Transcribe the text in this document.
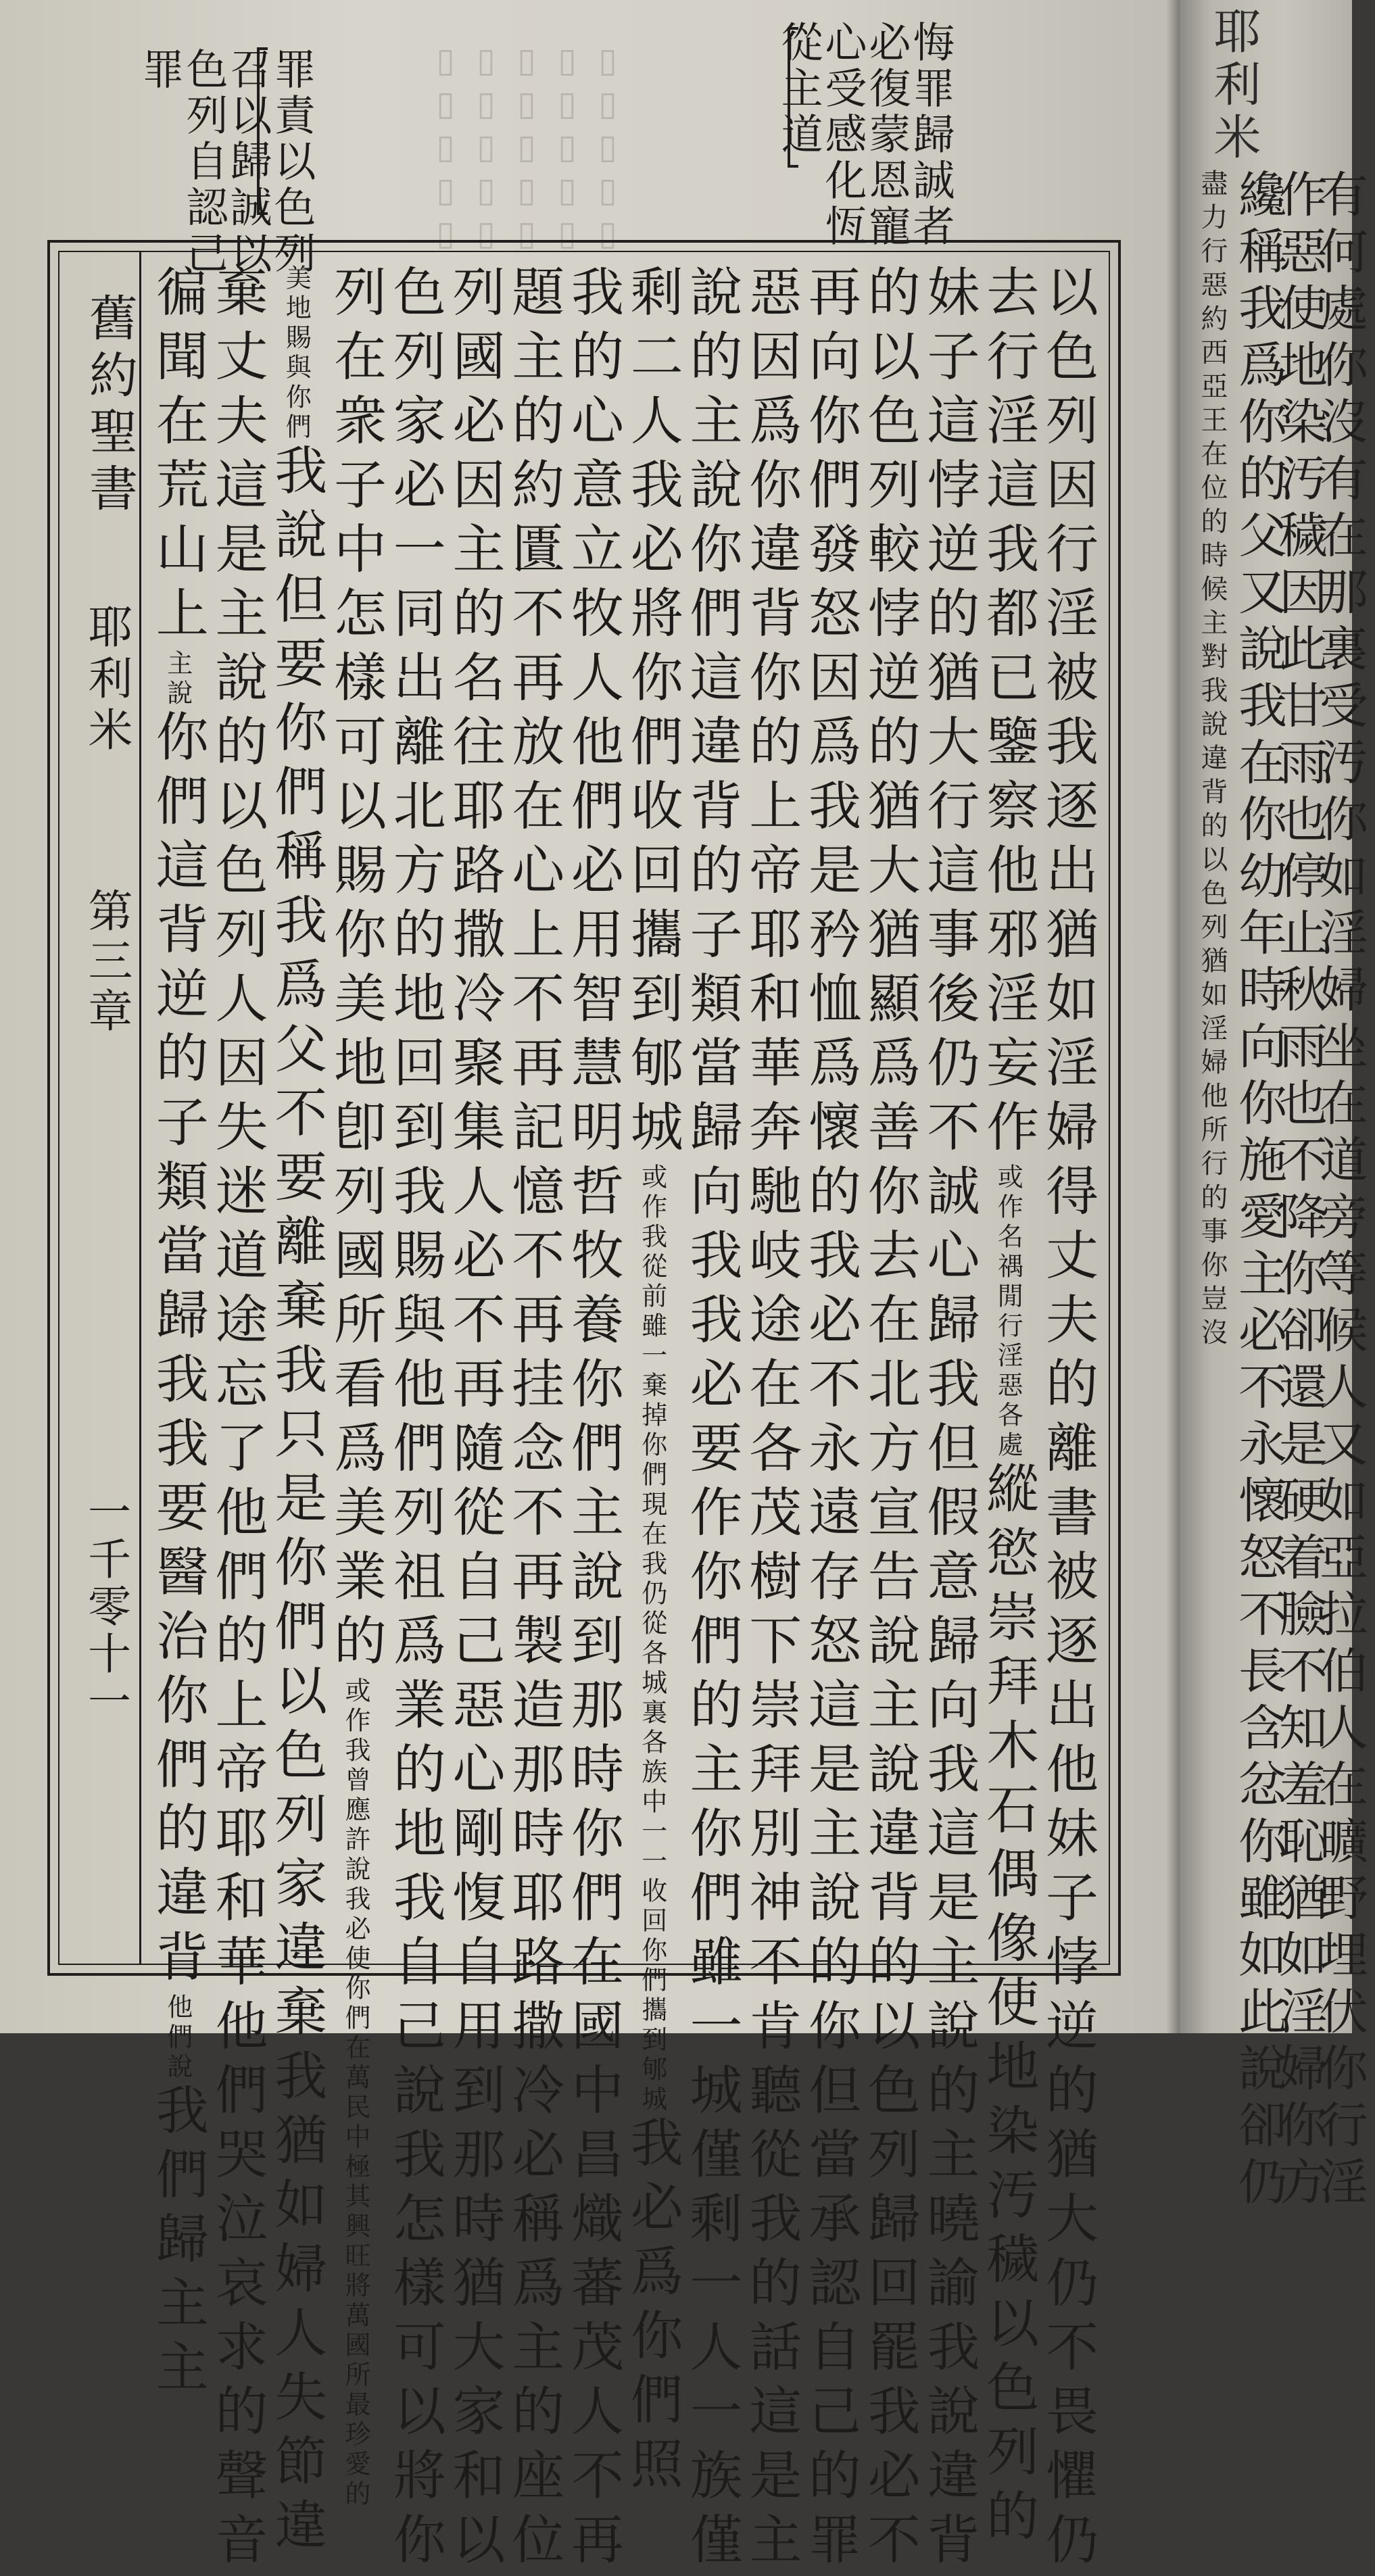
悔罪歸誠者
必復蒙恩寵
心受感化恆
從主道
罪責以色列
召以歸誠以
色列自認己
罪	▯▯▯▯▯
▯▯▯▯▯
▯▯▯▯▯
▯▯▯▯▯
▯▯▯▯▯
舊約聖書
耶利米
第三章
一千零十一	以色列因行淫被我逐出猶如淫婦得丈夫的離書被逐出他妹子悖逆的猶大仍不畏懼仍
去行淫這我都已鑒察他邪淫妄作或作名禑閒行淫惡各處縱慾崇拜木石偶像使地染汚穢以色列的
妹子這悖逆的猶大行這事後仍不誠心歸我但假意歸向我這是主說的主曉諭我說違背
的以色列較悖逆的猶大猶顯爲善你去在北方宣告說主說違背的以色列歸回罷我必不
再向你們發怒因爲我是矜恤爲懷的我必不永遠存怒這是主說的你但當承認自己的罪
惡因爲你違背你的上帝耶和華奔馳岐途在各茂樹下崇拜別神不肯聽從我的話這是主
說的主說你們這違背的子類當歸向我我必要作你們的主你們雖一城僅剩一人一族僅
剩二人我必將你們收回攜到郇城或作我從前雖一棄掉你們現在我仍從各城裏各族中一一收回你們攜到郇城我必爲你們照
我的心意立牧人他們必用智慧明哲牧養你們主說到那時你們在國中昌熾蕃茂人不再
題主的約匱不再放在心上不再記憶不再挂念不再製造那時耶路撒冷必稱爲主的座位
列國必因主的名往耶路撒冷聚集人必不再隨從自己惡心剛愎自用到那時猶大家和以
色列家必一同出離北方的地回到我賜與他們列祖爲業的地我自己說我怎樣可以將你
列在衆子中怎樣可以賜你美地卽列國所看爲美業的或作我曾應許說我必使你們在萬民中極其興旺將萬國所最珍愛的
美地賜與你們我說但要你們稱我爲父不要離棄我只是你們以色列家違棄我猶如婦人失節違
棄丈夫這是主說的以色列人因失迷道途忘了他們的上帝耶和華他們哭泣哀求的聲音
徧聞在荒山上主說你們這背逆的子類當歸我我要醫治你們的違背他們說我們歸主主
耶利米
盡力行惡約西亞王在位的時候主對我說違背的以色列猶如淫婦他所行的事你豈沒 纔稱我爲你的父又說我在你幼年時向你施愛主必不永懷怒不長含忿你雖如此說卻仍
作惡使地染汚穢因此甘雨也停止秋雨也不降你卻還是硬着臉不知羞恥猶如淫婦你方
有何處你沒有在那裏受汚你如淫婦坐在道旁等候人又如亞拉伯人在曠野埋伏你行淫
